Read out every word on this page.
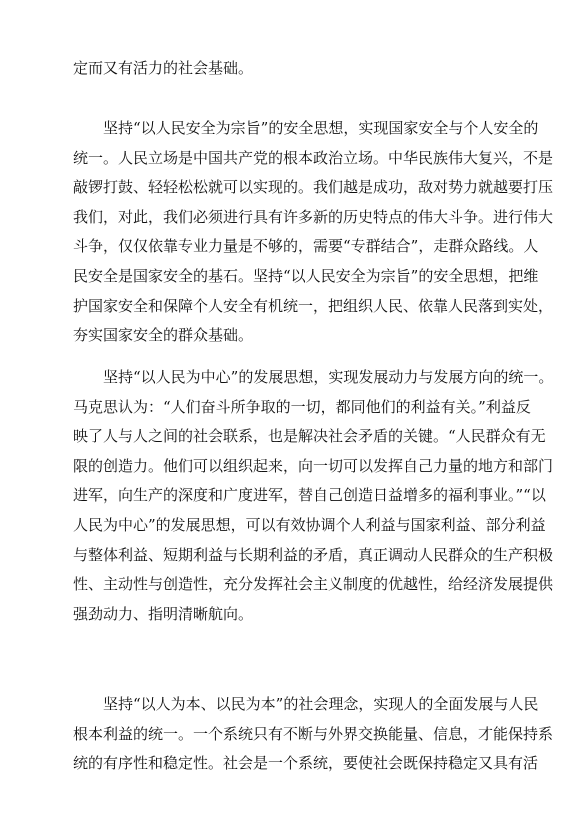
定而又有活力的社会基础。
坚持“以人民安全为宗旨”的安全思想，实现国家安全与个人安全的
统一。人民立场是中国共产党的根本政治立场。中华民族伟大复兴，不是
敲锣打鼓、轻轻松松就可以实现的。我们越是成功，敌对势力就越要打压
我们，对此，我们必须进行具有许多新的历史特点的伟大斗争。进行伟大
斗争，仅仅依靠专业力量是不够的，需要“专群结合”，走群众路线。人
民安全是国家安全的基石。坚持“以人民安全为宗旨”的安全思想，把维
护国家安全和保障个人安全有机统一，把组织人民、依靠人民落到实处，
夯实国家安全的群众基础。
坚持“以人民为中心”的发展思想，实现发展动力与发展方向的统一。
马克思认为：“人们奋斗所争取的一切，都同他们的利益有关。”利益反
映了人与人之间的社会联系，也是解决社会矛盾的关键。“人民群众有无
限的创造力。他们可以组织起来，向一切可以发挥自己力量的地方和部门
进军，向生产的深度和广度进军，替自己创造日益增多的福利事业。”“以
人民为中心”的发展思想，可以有效协调个人利益与国家利益、部分利益
与整体利益、短期利益与长期利益的矛盾，真正调动人民群众的生产积极
性、主动性与创造性，充分发挥社会主义制度的优越性，给经济发展提供
强劲动力、指明清晰航向。
坚持“以人为本、以民为本”的社会理念，实现人的全面发展与人民
根本利益的统一。一个系统只有不断与外界交换能量、信息，才能保持系
统的有序性和稳定性。社会是一个系统，要使社会既保持稳定又具有活
